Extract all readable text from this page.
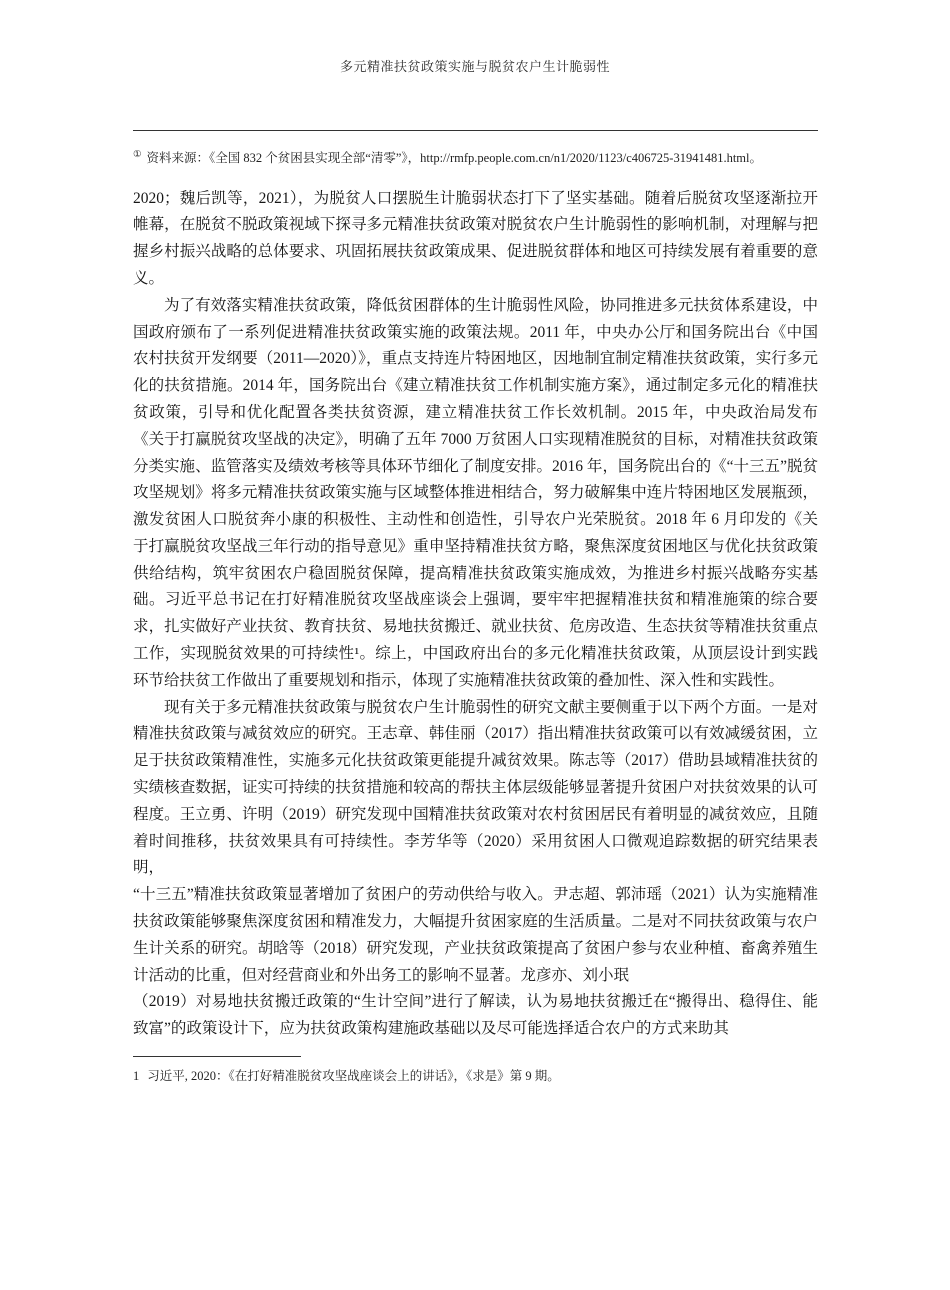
多元精准扶贫政策实施与脱贫农户生计脆弱性
① 资料来源：《全国 832 个贫困县实现全部“清零”》，http://rmfp.people.com.cn/n1/2020/1123/c406725-31941481.html。

2020；魏后凯等，2021），为脱贫人口摆脱生计脆弱状态打下了坚实基础。随着后脱贫攻坚逐渐拉开帷幕，在脱贫不脱政策视域下探寻多元精准扶贫政策对脱贫农户生计脆弱性的影响机制，对理解与把握乡村振兴战略的总体要求、巩固拓展扶贫政策成果、促进脱贫群体和地区可持续发展有着重要的意义。

为了有效落实精准扶贫政策，降低贫困群体的生计脆弱性风险，协同推进多元扶贫体系建设，中国政府颁布了一系列促进精准扶贫政策实施的政策法规。2011 年，中央办公厅和国务院出台《中国农村扶贫开发纲要（2011—2020）》，重点支持连片特困地区，因地制宜制定精准扶贫政策，实行多元化的扶贫措施。2014 年，国务院出台《建立精准扶贫工作机制实施方案》，通过制定多元化的精准扶贫政策，引导和优化配置各类扶贫资源，建立精准扶贫工作长效机制。2015 年，中央政治局发布《关于打赢脱贫攻坚战的决定》，明确了五年 7000 万贫困人口实现精准脱贫的目标，对精准扶贫政策分类实施、监管落实及绩效考核等具体环节细化了制度安排。2016 年，国务院出台的《“十三五”脱贫攻坚规划》将多元精准扶贫政策实施与区域整体推进相结合，努力破解集中连片特困地区发展瓶颈，激发贫困人口脱贫奔小康的积极性、主动性和创造性，引导农户光荣脱贫。2018 年 6 月印发的《关于打赢脱贫攻坚战三年行动的指导意见》重申坚持精准扶贫方略，聚焦深度贫困地区与优化扶贫政策供给结构，筑牢贫困农户稳固脱贫保障，提高精准扶贫政策实施成效，为推进乡村振兴战略夯实基础。习近平总书记在打好精准脱贫攻坚战座谈会上强调，要牢牢把握精准扶贫和精准施策的综合要求，扎实做好产业扶贫、教育扶贫、易地扶贫搬迁、就业扶贫、危房改造、生态扶贫等精准扶贫重点工作，实现脱贫效果的可持续性¹。综上，中国政府出台的多元化精准扶贫政策，从顶层设计到实践环节给扶贫工作做出了重要规划和指示，体现了实施精准扶贫政策的叠加性、深入性和实践性。

现有关于多元精准扶贫政策与脱贫农户生计脆弱性的研究文献主要侧重于以下两个方面。一是对精准扶贫政策与减贫效应的研究。王志章、韩佳丽（2017）指出精准扶贫政策可以有效减缓贫困，立足于扶贫政策精准性，实施多元化扶贫政策更能提升减贫效果。陈志等（2017）借助县域精准扶贫的实绩核查数据，证实可持续的扶贫措施和较高的帮扶主体层级能够显著提升贫困户对扶贫效果的认可程度。王立勇、许明（2019）研究发现中国精准扶贫政策对农村贫困居民有着明显的减贫效应，且随着时间推移，扶贫效果具有可持续性。李芳华等（2020）采用贫困人口微观追踪数据的研究结果表明，

“十三五”精准扶贫政策显著增加了贫困户的劳动供给与收入。尹志超、郭沛瑶（2021）认为实施精准扶贫政策能够聚焦深度贫困和精准发力，大幅提升贫困家庭的生活质量。二是对不同扶贫政策与农户生计关系的研究。胡晗等（2018）研究发现，产业扶贫政策提高了贫困户参与农业种植、畜禽养殖生计活动的比重，但对经营商业和外出务工的影响不显著。龙彦亦、刘小珉

（2019）对易地扶贫搬迁政策的“生计空间”进行了解读，认为易地扶贫搬迁在“搬得出、稳得住、能致富”的政策设计下，应为扶贫政策构建施政基础以及尽可能选择适合农户的方式来助其

1 习近平, 2020：《在打好精准脱贫攻坚战座谈会上的讲话》，《求是》第 9 期。
